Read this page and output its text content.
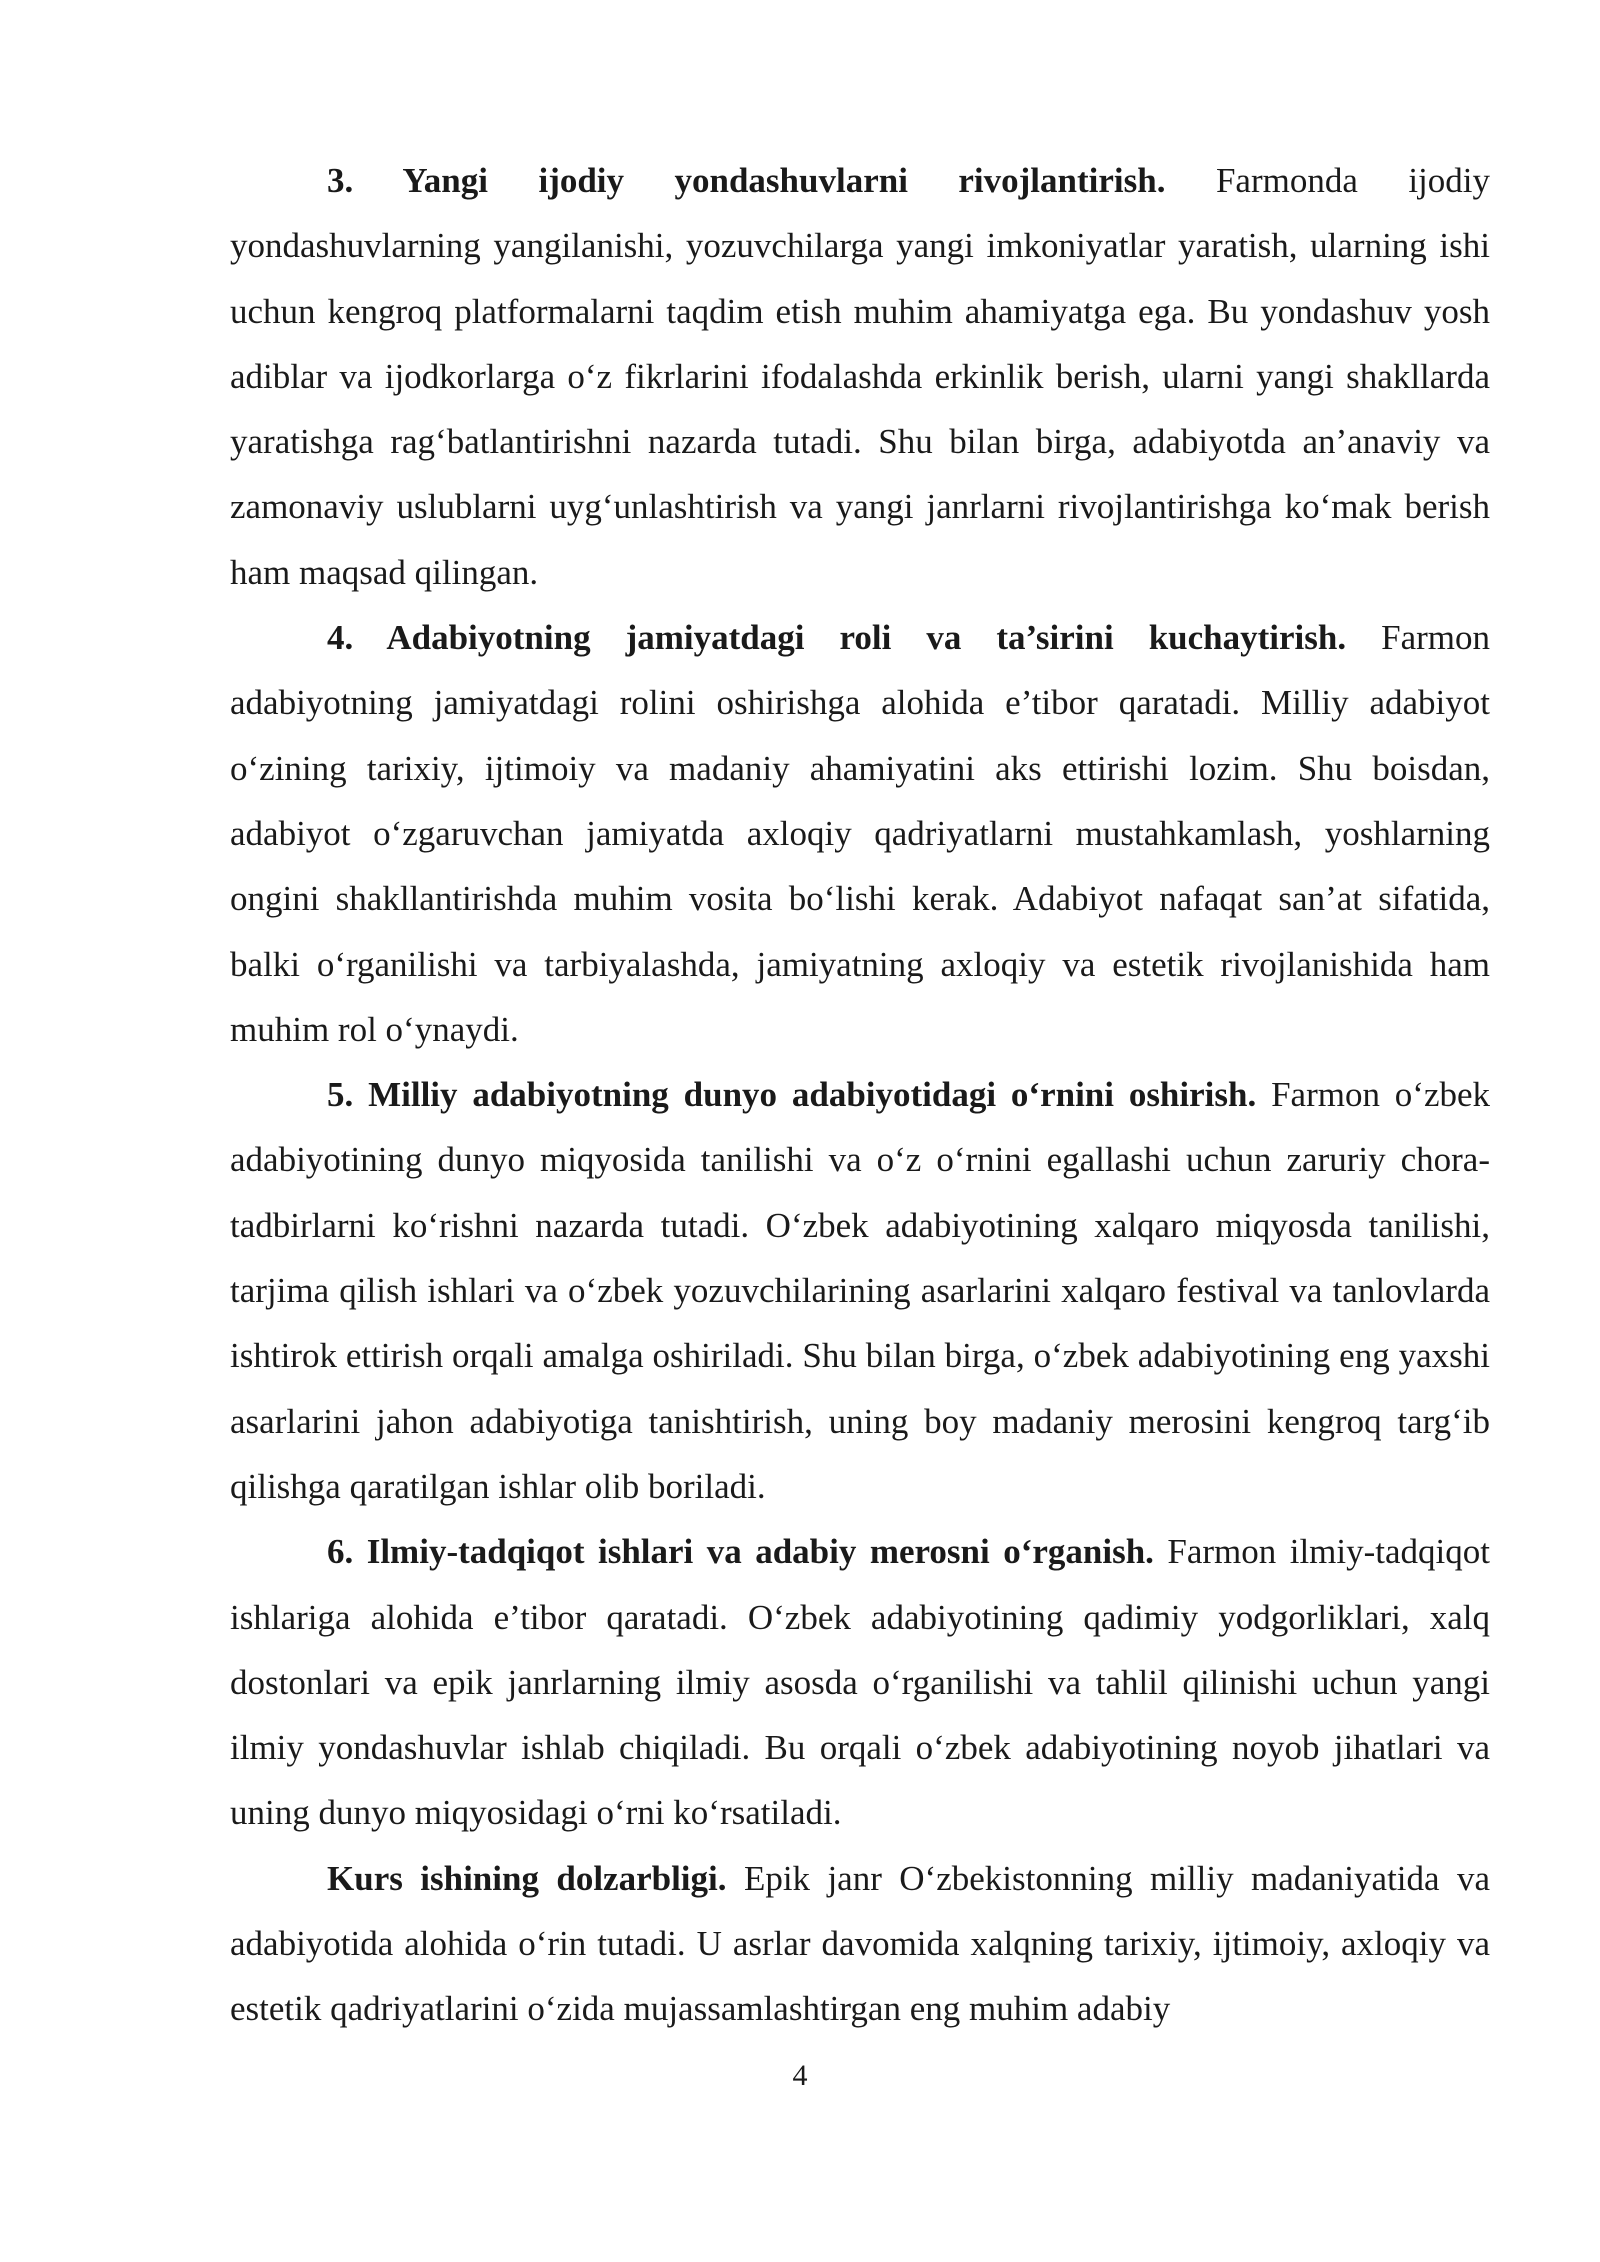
3. Yangi ijodiy yondashuvlarni rivojlantirish. Farmonda ijodiy yondashuvlarning yangilanishi, yozuvchilarga yangi imkoniyatlar yaratish, ularning ishi uchun kengroq platformalarni taqdim etish muhim ahamiyatga ega. Bu yondashuv yosh adiblar va ijodkorlarga o‘z fikrlarini ifodalashda erkinlik berish, ularni yangi shakllarda yaratishga rag‘batlantirishni nazarda tutadi. Shu bilan birga, adabiyotda an’anaviy va zamonaviy uslublarni uyg‘unlashtirish va yangi janrlarni rivojlantirishga ko‘mak berish ham maqsad qilingan.

4. Adabiyotning jamiyatdagi roli va ta’sirini kuchaytirish. Farmon adabiyotning jamiyatdagi rolini oshirishga alohida e’tibor qaratadi. Milliy adabiyot o‘zining tarixiy, ijtimoiy va madaniy ahamiyatini aks ettirishi lozim. Shu boisdan, adabiyot o‘zgaruvchan jamiyatda axloqiy qadriyatlarni mustahkamlash, yoshlarning ongini shakllantirishda muhim vosita bo‘lishi kerak. Adabiyot nafaqat san’at sifatida, balki o‘rganilishi va tarbiyalashda, jamiyatning axloqiy va estetik rivojlanishida ham muhim rol o‘ynaydi.

5. Milliy adabiyotning dunyo adabiyotidagi o‘rnini oshirish. Farmon o‘zbek adabiyotining dunyo miqyosida tanilishi va o‘z o‘rnini egallashi uchun zaruriy chora-tadbirlarni ko‘rishni nazarda tutadi. O‘zbek adabiyotining xalqaro miqyosda tanilishi, tarjima qilish ishlari va o‘zbek yozuvchilarining asarlarini xalqaro festival va tanlovlarda ishtirok ettirish orqali amalga oshiriladi. Shu bilan birga, o‘zbek adabiyotining eng yaxshi asarlarini jahon adabiyotiga tanishtirish, uning boy madaniy merosini kengroq targ‘ib qilishga qaratilgan ishlar olib boriladi.

6. Ilmiy-tadqiqot ishlari va adabiy merosni o‘rganish. Farmon ilmiy-tadqiqot ishlariga alohida e’tibor qaratadi. O‘zbek adabiyotining qadimiy yodgorliklari, xalq dostonlari va epik janrlarning ilmiy asosda o‘rganilishi va tahlil qilinishi uchun yangi ilmiy yondashuvlar ishlab chiqiladi. Bu orqali o‘zbek adabiyotining noyob jihatlari va uning dunyo miqyosidagi o‘rni ko‘rsatiladi.

Kurs ishining dolzarbligi. Epik janr O‘zbekistonning milliy madaniyatida va adabiyotida alohida o‘rin tutadi. U asrlar davomida xalqning tarixiy, ijtimoiy, axloqiy va estetik qadriyatlarini o‘zida mujassamlashtirgan eng muhim adabiy

4
